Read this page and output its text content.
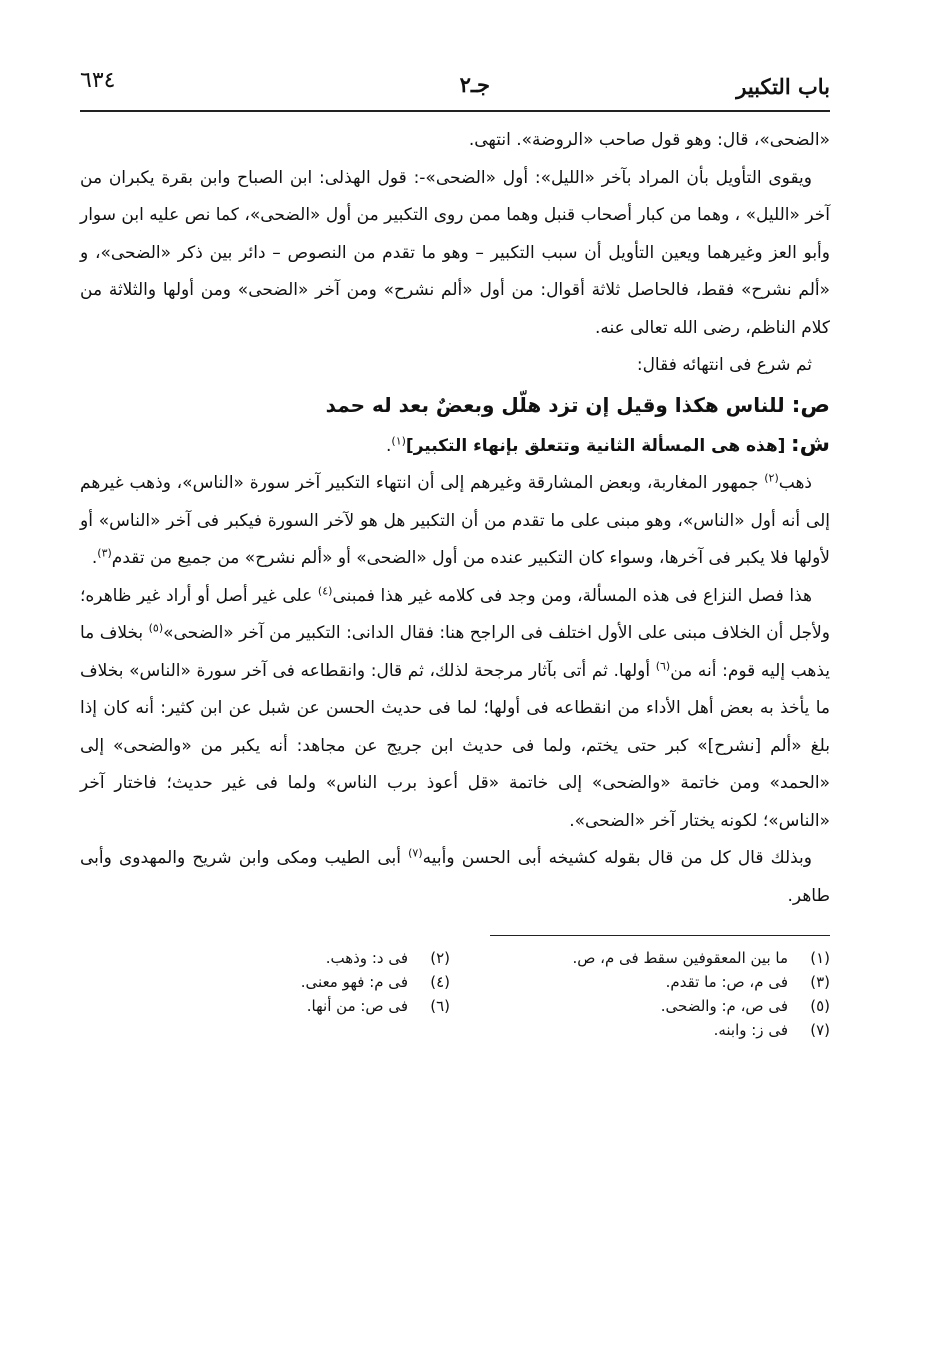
باب التكبير
جـ٢
٦٣٤

«الضحى»، قال: وهو قول صاحب «الروضة». انتهى.

ويقوى التأويل بأن المراد بآخر «الليل»: أول «الضحى»-: قول الهذلى: ابن الصباح وابن بقرة يكبران من آخر «الليل» ، وهما من كبار أصحاب قنبل وهما ممن روى التكبير من أول «الضحى»، كما نص عليه ابن سوار وأبو العز وغيرهما ويعين التأويل أن سبب التكبير – وهو ما تقدم من النصوص – دائر بين ذكر «الضحى»، و «ألم نشرح» فقط، فالحاصل ثلاثة أقوال: من أول «ألم نشرح» ومن آخر «الضحى» ومن أولها والثلاثة من كلام الناظم، رضى الله تعالى عنه.

ثم شرع فى انتهائه فقال:

ص: للناس هكذا وقيل إن تزد هلّل وبعضٌ بعد له حمد

ش: [هذه هى المسألة الثانية وتتعلق بإنهاء التكبير]$^{(١)}$.

ذهب$^{(٢)}$ جمهور المغاربة، وبعض المشارقة وغيرهم إلى أن انتهاء التكبير آخر سورة «الناس»، وذهب غيرهم إلى أنه أول «الناس»، وهو مبنى على ما تقدم من أن التكبير هل هو لآخر السورة فيكبر فى آخر «الناس» أو لأولها فلا يكبر فى آخرها، وسواء كان التكبير عنده من أول «الضحى» أو «ألم نشرح» من جميع من تقدم$^{(٣)}$.

هذا فصل النزاع فى هذه المسألة، ومن وجد فى كلامه غير هذا فمبنى$^{(٤)}$ على غير أصل أو أراد غير ظاهره؛ ولأجل أن الخلاف مبنى على الأول اختلف فى الراجح هنا: فقال الدانى: التكبير من آخر «الضحى»$^{(٥)}$ بخلاف ما يذهب إليه قوم: أنه من$^{(٦)}$ أولها. ثم أتى بآثار مرجحة لذلك، ثم قال: وانقطاعه فى آخر سورة «الناس» بخلاف ما يأخذ به بعض أهل الأداء من انقطاعه فى أولها؛ لما فى حديث الحسن عن شبل عن ابن كثير: أنه كان إذا بلغ «ألم [نشرح]» كبر حتى يختم، ولما فى حديث ابن جريج عن مجاهد: أنه يكبر من «والضحى» إلى «الحمد» ومن خاتمة «والضحى» إلى خاتمة «قل أعوذ برب الناس» ولما فى غير حديث؛ فاختار آخر «الناس»؛ لكونه يختار آخر «الضحى».

وبذلك قال كل من قال بقوله كشيخه أبى الحسن وأبيه$^{(٧)}$ أبى الطيب ومكى وابن شريح والمهدوى وأبى طاهر.

(١)
ما بين المعقوفين سقط فى م، ص.
(٣)
فى م، ص: ما تقدم.
(٥)
فى ص، م: والضحى.
(٧)
فى ز: وابنه.
(٢)
فى د: وذهب.
(٤)
فى م: فهو معنى.
(٦)
فى ص: من أنها.
